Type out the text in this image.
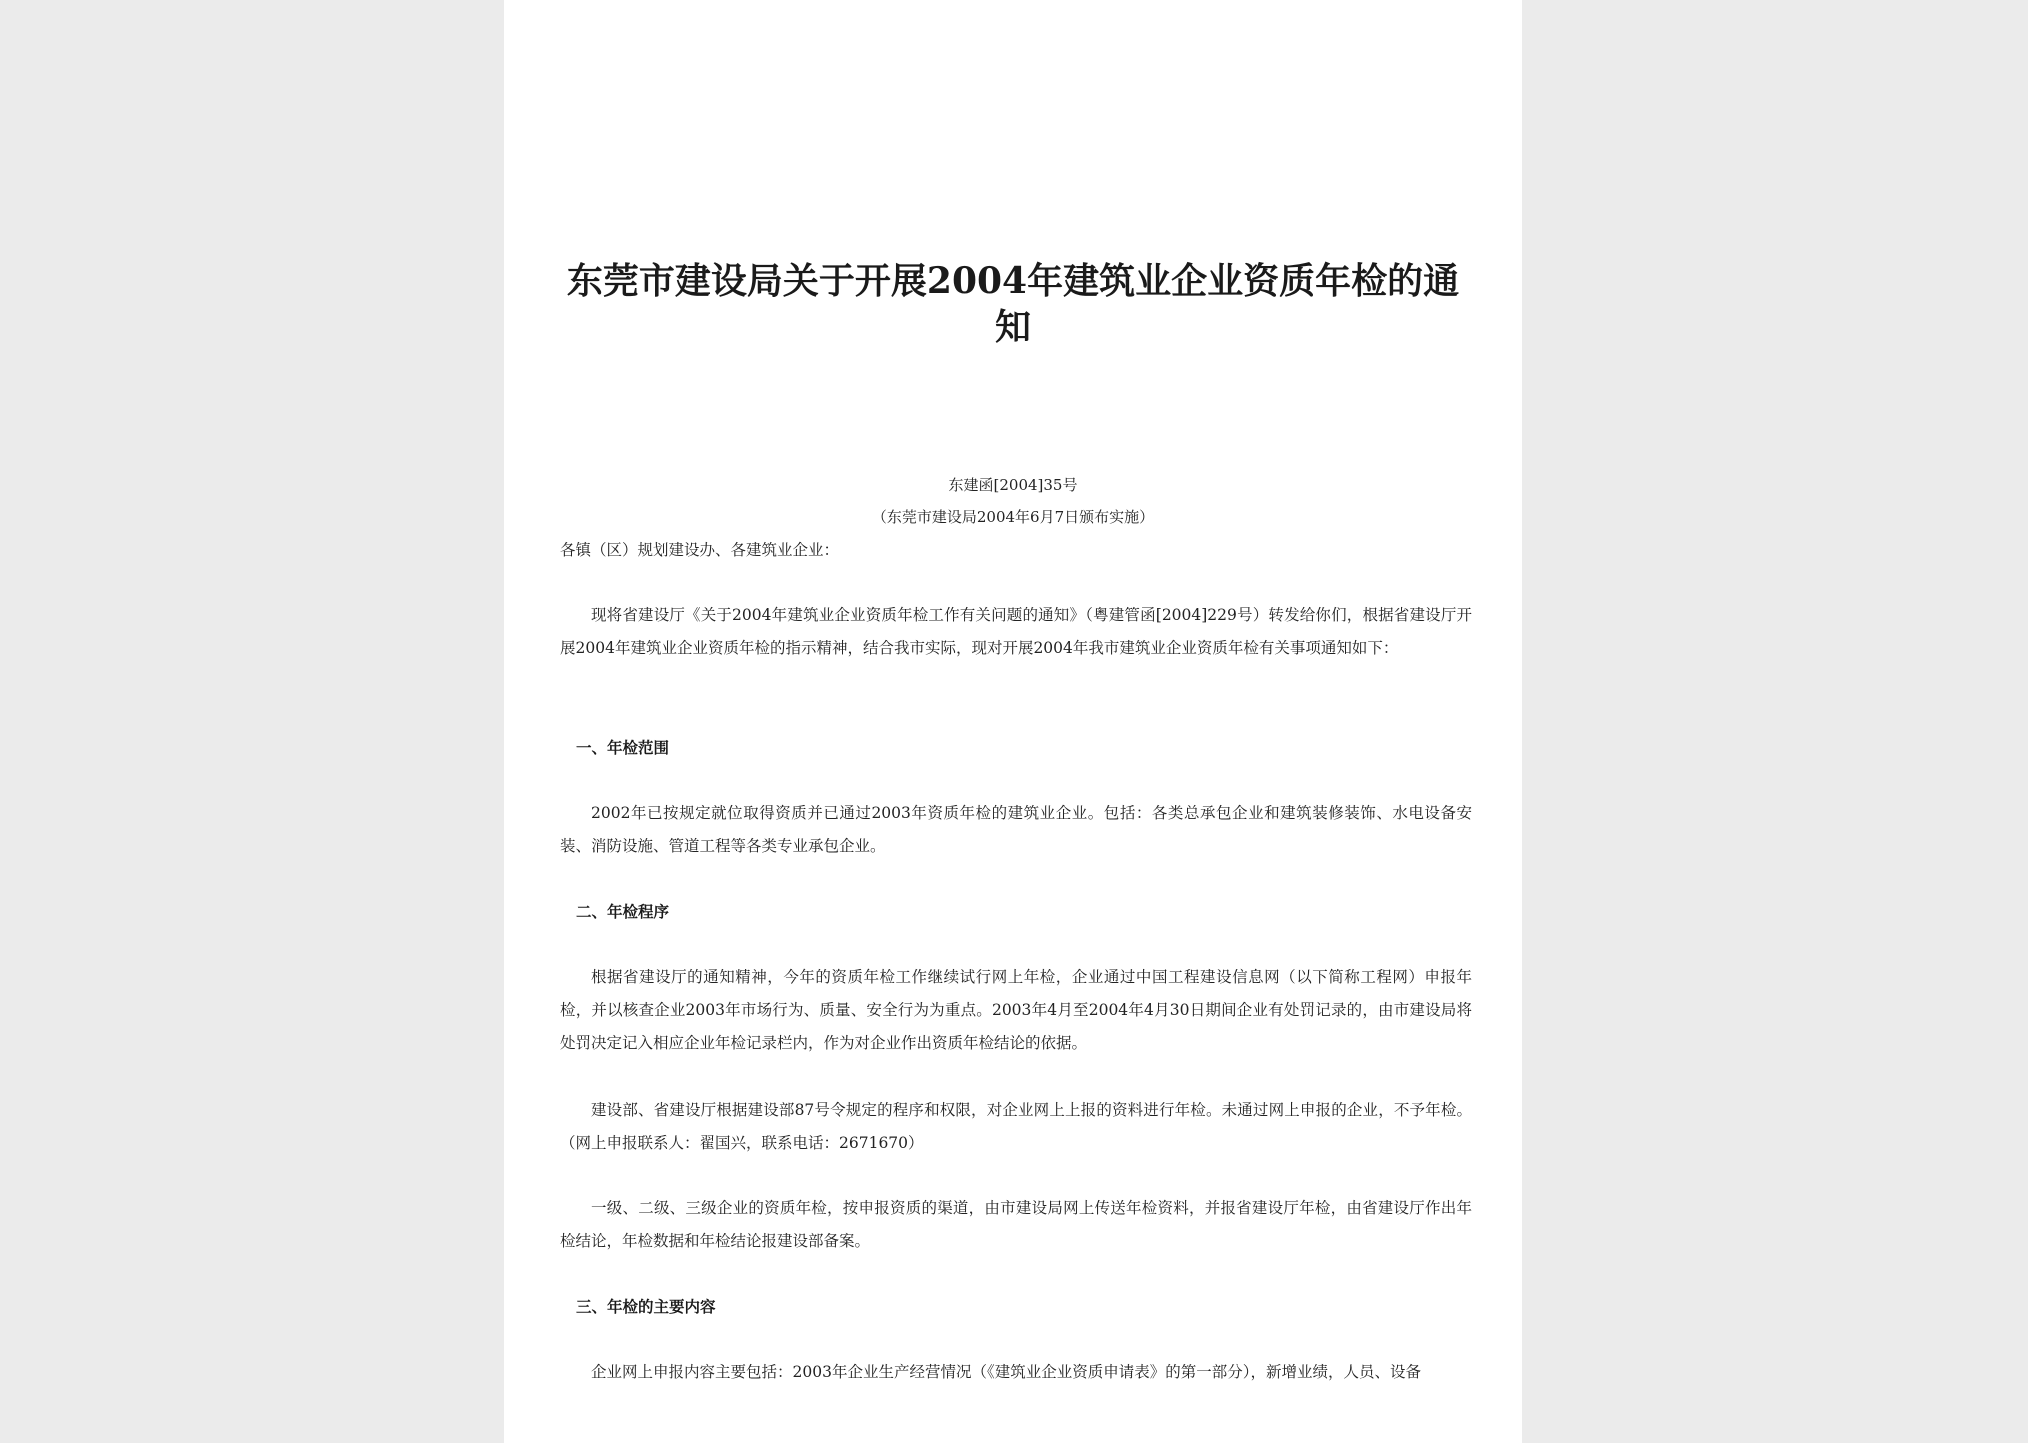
东莞市建设局关于开展2004年建筑业企业资质年检的通知
东建函[2004]35号
（东莞市建设局2004年6月7日颁布实施）
各镇（区）规划建设办、各建筑业企业：
现将省建设厅《关于2004年建筑业企业资质年检工作有关问题的通知》（粤建管函[2004]229号）转发给你们，根据省建设厅开展2004年建筑业企业资质年检的指示精神，结合我市实际，现对开展2004年我市建筑业企业资质年检有关事项通知如下：
一、年检范围
2002年已按规定就位取得资质并已通过2003年资质年检的建筑业企业。包括：各类总承包企业和建筑装修装饰、水电设备安装、消防设施、管道工程等各类专业承包企业。
二、年检程序
根据省建设厅的通知精神，今年的资质年检工作继续试行网上年检，企业通过中国工程建设信息网（以下简称工程网）申报年检，并以核查企业2003年市场行为、质量、安全行为为重点。2003年4月至2004年4月30日期间企业有处罚记录的，由市建设局将处罚决定记入相应企业年检记录栏内，作为对企业作出资质年检结论的依据。
建设部、省建设厅根据建设部87号令规定的程序和权限，对企业网上上报的资料进行年检。未通过网上申报的企业，不予年检。（网上申报联系人：翟国兴，联系电话：2671670）
一级、二级、三级企业的资质年检，按申报资质的渠道，由市建设局网上传送年检资料，并报省建设厅年检，由省建设厅作出年检结论，年检数据和年检结论报建设部备案。
三、年检的主要内容
企业网上申报内容主要包括：2003年企业生产经营情况（《建筑业企业资质申请表》的第一部分），新增业绩，人员、设备
